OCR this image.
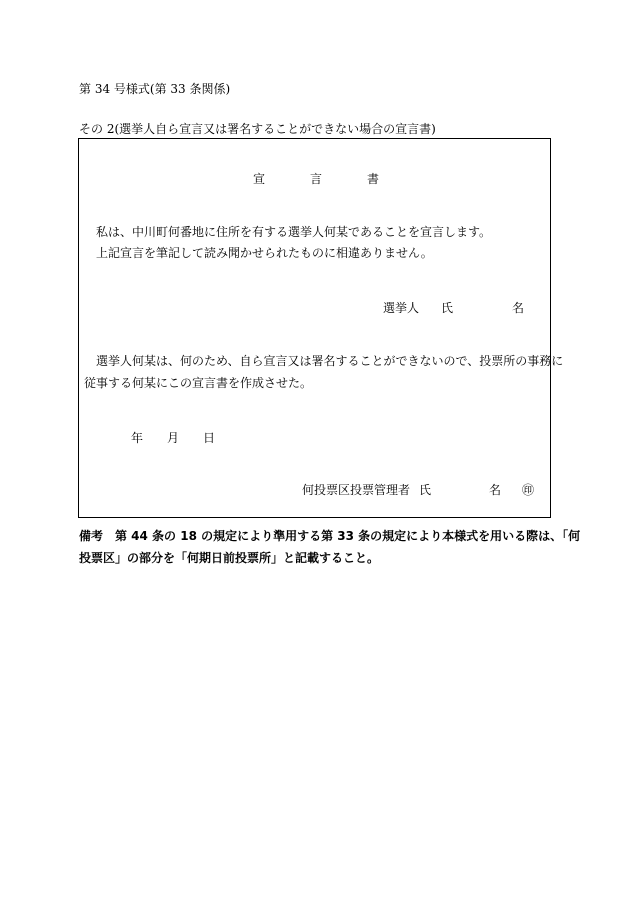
第 34 号様式(第 33 条関係)
その 2(選挙人自ら宣言又は署名することができない場合の宣言書)
宣	言	書
私は、中川町何番地に住所を有する選挙人何某であることを宣言します。
上記宣言を筆記して読み聞かせられたものに相違ありません。
選挙人 氏	名
選挙人何某は、何のため、自ら宣言又は署名することができないので、投票所の事務に
従事する何某にこの宣言書を作成させた。
年 月 日
何投票区投票管理者 氏	名 ㊞
備考　第 44 条の 18 の規定により準用する第 33 条の規定により本様式を用いる際は、「何
投票区」の部分を「何期日前投票所」と記載すること。
